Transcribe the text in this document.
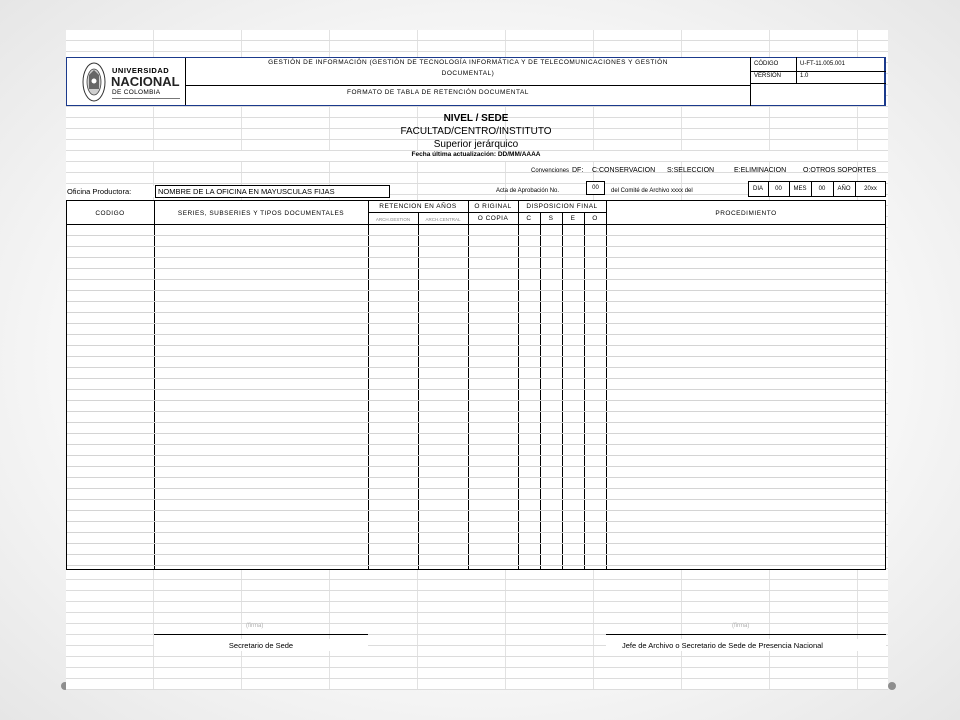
UNIVERSIDAD
NACIONAL
DE COLOMBIA
GESTIÓN DE INFORMACIÓN (GESTIÓN DE TECNOLOGÍA INFORMÁTICA Y DE TELECOMUNICACIONES Y GESTIÓN
DOCUMENTAL)
FORMATO DE TABLA DE RETENCIÓN DOCUMENTAL
CÓDIGO	U-FT-11.005.001
VERSIÓN	1.0
NIVEL / SEDE
FACULTAD/CENTRO/INSTITUTO
Superior jerárquico
Fecha última actualización: DD/MM/AAAA
Convenciones DF: C:CONSERVACION S:SELECCION	E:ELIMINACION O:OTROS SOPORTES
Oficina Productora:	NOMBRE DE LA OFICINA EN MAYUSCULAS FIJAS	Acta de Aprobación No.	00	del Comité de Archivo xxxx del	DIA	00	MES	00	AÑO	20xx
CODIGO	SERIES, SUBSERIES Y TIPOS DOCUMENTALES
RETENCION EN AÑOS
ARCH.GESTION	ARCH.CENTRAL
O RIGINAL
O COPIA
DISPOSICION FINAL
C	S	E	O
PROCEDIMIENTO
(firma)	(firma)
Secretario de Sede	Jefe de Archivo o Secretario de Sede de Presencia Nacional
